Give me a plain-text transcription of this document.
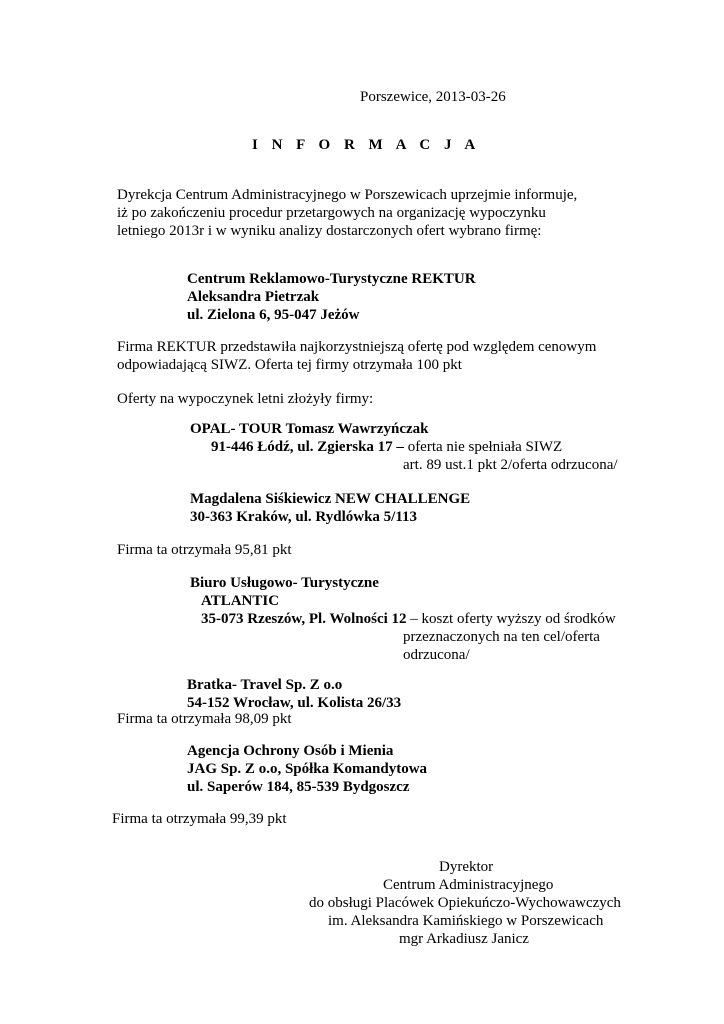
Porszewice, 2013-03-26
I N F O R M A C J A
Dyrekcja Centrum Administracyjnego w Porszewicach uprzejmie informuje,
iż po zakończeniu procedur przetargowych na organizację wypoczynku
letniego 2013r i w wyniku analizy dostarczonych ofert wybrano firmę:
Centrum Reklamowo-Turystyczne REKTUR
Aleksandra Pietrzak
ul. Zielona 6, 95-047 Jeżów
Firma REKTUR przedstawiła najkorzystniejszą ofertę pod względem cenowym
odpowiadającą SIWZ. Oferta tej firmy otrzymała 100 pkt
Oferty na wypoczynek letni złożyły firmy:
OPAL- TOUR Tomasz Wawrzyńczak
91-446 Łódź, ul. Zgierska 17 – oferta nie spełniała SIWZ
art. 89 ust.1 pkt 2/oferta odrzucona/
Magdalena Siśkiewicz NEW CHALLENGE
30-363 Kraków, ul. Rydlówka 5/113
Firma ta otrzymała 95,81 pkt
Biuro Usługowo- Turystyczne
ATLANTIC
35-073 Rzeszów, Pl. Wolności 12 – koszt oferty wyższy od środków
przeznaczonych na ten cel/oferta
odrzucona/
Bratka- Travel Sp. Z o.o
54-152 Wrocław, ul. Kolista 26/33
Firma ta otrzymała 98,09 pkt
Agencja Ochrony Osób i Mienia
JAG Sp. Z o.o, Spółka Komandytowa
ul. Saperów 184, 85-539 Bydgoszcz
Firma ta otrzymała 99,39 pkt
Dyrektor
Centrum Administracyjnego
do obsługi Placówek Opiekuńczo-Wychowawczych
im. Aleksandra Kamińskiego w Porszewicach
mgr Arkadiusz Janicz
